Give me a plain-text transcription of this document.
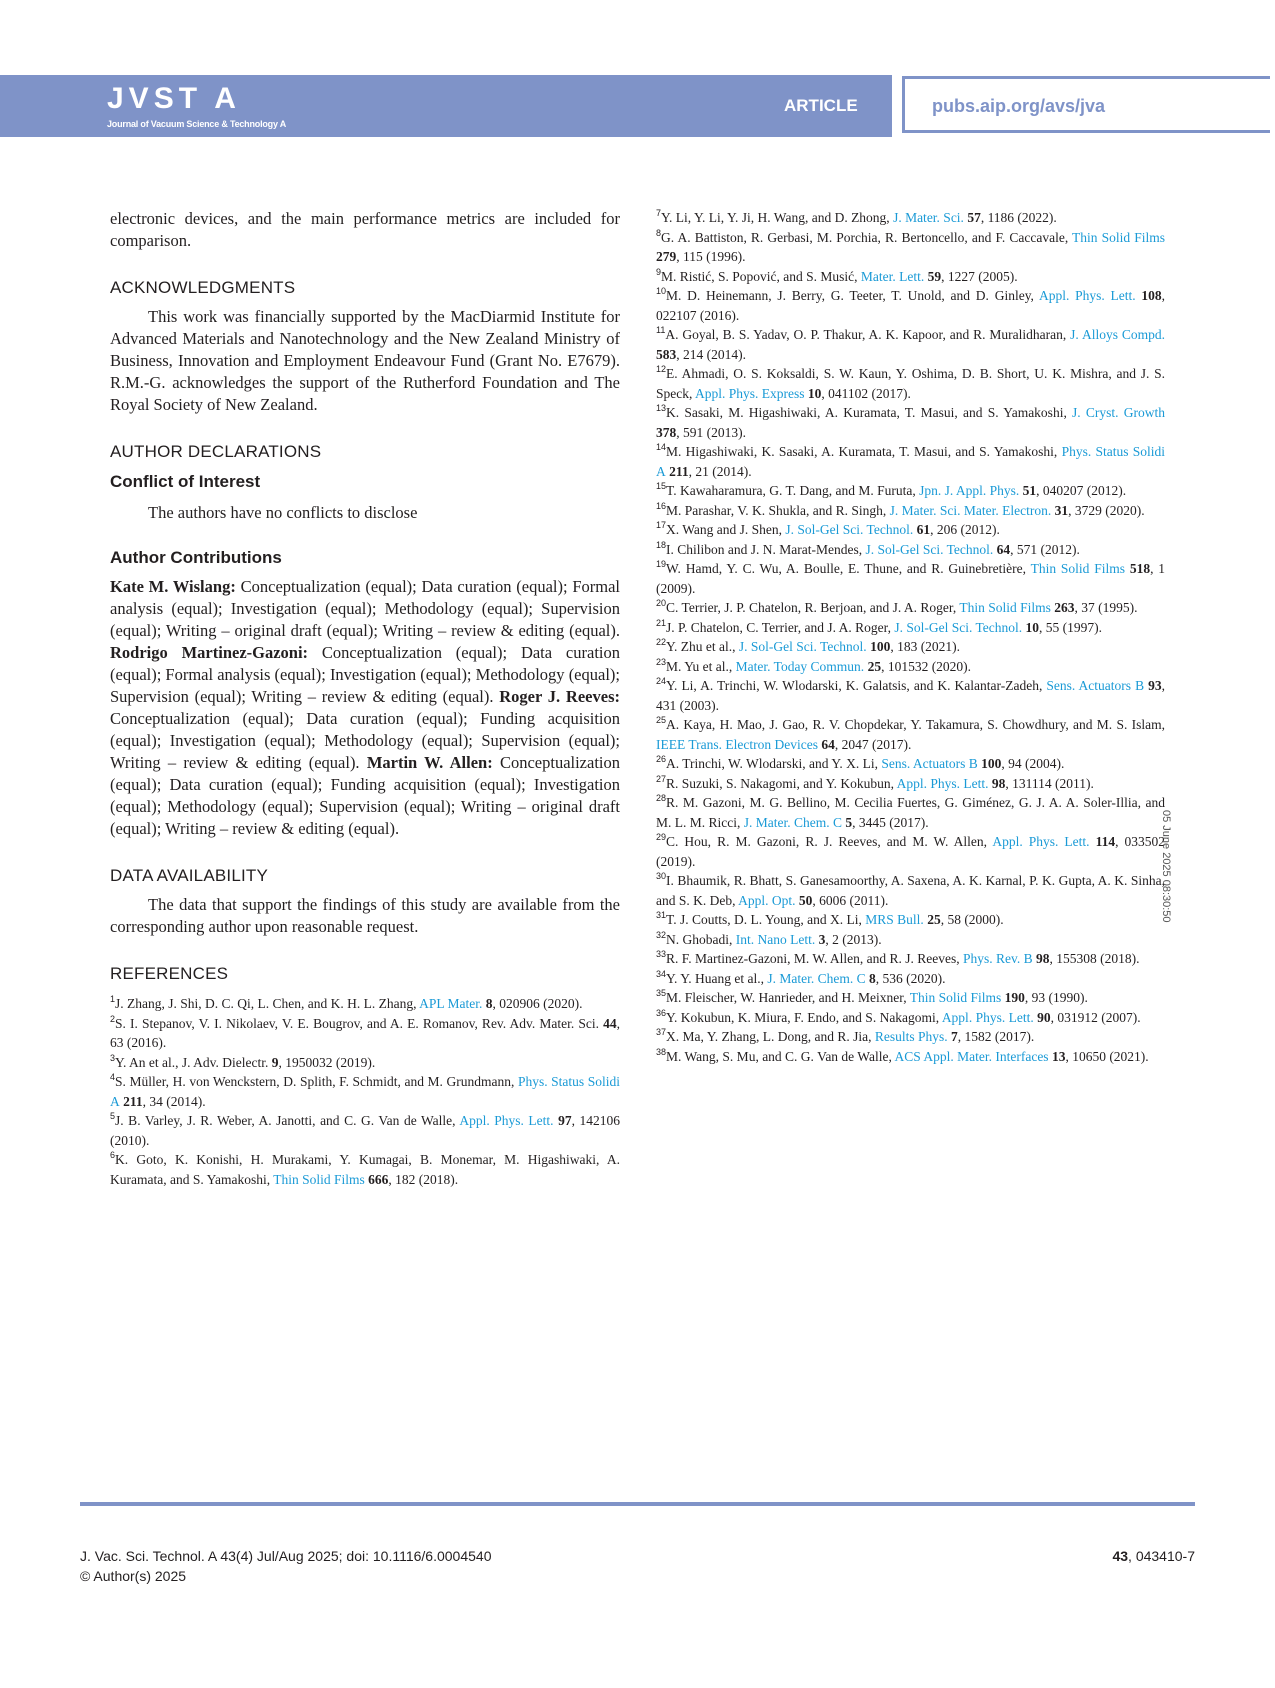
JVST A
Journal of Vacuum Science & Technology A
ARTICLE	pubs.aip.org/avs/jva

electronic devices, and the main performance metrics are included for comparison.

ACKNOWLEDGMENTS

This work was financially supported by the MacDiarmid Institute for Advanced Materials and Nanotechnology and the New Zealand Ministry of Business, Innovation and Employment Endeavour Fund (Grant No. E7679). R.M.-G. acknowledges the support of the Rutherford Foundation and The Royal Society of New Zealand.

AUTHOR DECLARATIONS
Conflict of Interest

The authors have no conflicts to disclose

Author Contributions

Kate M. Wislang: Conceptualization (equal); Data curation (equal); Formal analysis (equal); Investigation (equal); Methodology (equal); Supervision (equal); Writing – original draft (equal); Writing – review & editing (equal). Rodrigo Martinez-Gazoni: Conceptualization (equal); Data curation (equal); Formal analysis (equal); Investigation (equal); Methodology (equal); Supervision (equal); Writing – review & editing (equal). Roger J. Reeves: Conceptualization (equal); Data curation (equal); Funding acquisition (equal); Investigation (equal); Methodology (equal); Supervision (equal); Writing – review & editing (equal). Martin W. Allen: Conceptualization (equal); Data curation (equal); Funding acquisition (equal); Investigation (equal); Methodology (equal); Supervision (equal); Writing – original draft (equal); Writing – review & editing (equal).

DATA AVAILABILITY

The data that support the findings of this study are available from the corresponding author upon reasonable request.

REFERENCES

$^1$J. Zhang, J. Shi, D. C. Qi, L. Chen, and K. H. L. Zhang, APL Mater. 8, 020906 (2020).

$^2$S. I. Stepanov, V. I. Nikolaev, V. E. Bougrov, and A. E. Romanov, Rev. Adv. Mater. Sci. 44, 63 (2016).

$^3$Y. An et al., J. Adv. Dielectr. 9, 1950032 (2019).

$^4$S. Müller, H. von Wenckstern, D. Splith, F. Schmidt, and M. Grundmann, Phys. Status Solidi A 211, 34 (2014).

$^5$J. B. Varley, J. R. Weber, A. Janotti, and C. G. Van de Walle, Appl. Phys. Lett. 97, 142106 (2010).

$^6$K. Goto, K. Konishi, H. Murakami, Y. Kumagai, B. Monemar, M. Higashiwaki, A. Kuramata, and S. Yamakoshi, Thin Solid Films 666, 182 (2018).

$^7$Y. Li, Y. Li, Y. Ji, H. Wang, and D. Zhong, J. Mater. Sci. 57, 1186 (2022).

$^8$G. A. Battiston, R. Gerbasi, M. Porchia, R. Bertoncello, and F. Caccavale, Thin Solid Films 279, 115 (1996).

$^9$M. Ristić, S. Popović, and S. Musić, Mater. Lett. 59, 1227 (2005).

$^{10}$M. D. Heinemann, J. Berry, G. Teeter, T. Unold, and D. Ginley, Appl. Phys. Lett. 108, 022107 (2016).

$^{11}$A. Goyal, B. S. Yadav, O. P. Thakur, A. K. Kapoor, and R. Muralidharan, J. Alloys Compd. 583, 214 (2014).

$^{12}$E. Ahmadi, O. S. Koksaldi, S. W. Kaun, Y. Oshima, D. B. Short, U. K. Mishra, and J. S. Speck, Appl. Phys. Express 10, 041102 (2017).

$^{13}$K. Sasaki, M. Higashiwaki, A. Kuramata, T. Masui, and S. Yamakoshi, J. Cryst. Growth 378, 591 (2013).

$^{14}$M. Higashiwaki, K. Sasaki, A. Kuramata, T. Masui, and S. Yamakoshi, Phys. Status Solidi A 211, 21 (2014).

$^{15}$T. Kawaharamura, G. T. Dang, and M. Furuta, Jpn. J. Appl. Phys. 51, 040207 (2012).

$^{16}$M. Parashar, V. K. Shukla, and R. Singh, J. Mater. Sci. Mater. Electron. 31, 3729 (2020).

$^{17}$X. Wang and J. Shen, J. Sol-Gel Sci. Technol. 61, 206 (2012).

$^{18}$I. Chilibon and J. N. Marat-Mendes, J. Sol-Gel Sci. Technol. 64, 571 (2012).

$^{19}$W. Hamd, Y. C. Wu, A. Boulle, E. Thune, and R. Guinebretière, Thin Solid Films 518, 1 (2009).

$^{20}$C. Terrier, J. P. Chatelon, R. Berjoan, and J. A. Roger, Thin Solid Films 263, 37 (1995).

$^{21}$J. P. Chatelon, C. Terrier, and J. A. Roger, J. Sol-Gel Sci. Technol. 10, 55 (1997).

$^{22}$Y. Zhu et al., J. Sol-Gel Sci. Technol. 100, 183 (2021).

$^{23}$M. Yu et al., Mater. Today Commun. 25, 101532 (2020).

$^{24}$Y. Li, A. Trinchi, W. Wlodarski, K. Galatsis, and K. Kalantar-Zadeh, Sens. Actuators B 93, 431 (2003).

$^{25}$A. Kaya, H. Mao, J. Gao, R. V. Chopdekar, Y. Takamura, S. Chowdhury, and M. S. Islam, IEEE Trans. Electron Devices 64, 2047 (2017).

$^{26}$A. Trinchi, W. Wlodarski, and Y. X. Li, Sens. Actuators B 100, 94 (2004).

$^{27}$R. Suzuki, S. Nakagomi, and Y. Kokubun, Appl. Phys. Lett. 98, 131114 (2011).

$^{28}$R. M. Gazoni, M. G. Bellino, M. Cecilia Fuertes, G. Giménez, G. J. A. A. Soler-Illia, and M. L. M. Ricci, J. Mater. Chem. C 5, 3445 (2017).

$^{29}$C. Hou, R. M. Gazoni, R. J. Reeves, and M. W. Allen, Appl. Phys. Lett. 114, 033502 (2019).

$^{30}$I. Bhaumik, R. Bhatt, S. Ganesamoorthy, A. Saxena, A. K. Karnal, P. K. Gupta, A. K. Sinha, and S. K. Deb, Appl. Opt. 50, 6006 (2011).

$^{31}$T. J. Coutts, D. L. Young, and X. Li, MRS Bull. 25, 58 (2000).

$^{32}$N. Ghobadi, Int. Nano Lett. 3, 2 (2013).

$^{33}$R. F. Martinez-Gazoni, M. W. Allen, and R. J. Reeves, Phys. Rev. B 98, 155308 (2018).

$^{34}$Y. Y. Huang et al., J. Mater. Chem. C 8, 536 (2020).

$^{35}$M. Fleischer, W. Hanrieder, and H. Meixner, Thin Solid Films 190, 93 (1990).

$^{36}$Y. Kokubun, K. Miura, F. Endo, and S. Nakagomi, Appl. Phys. Lett. 90, 031912 (2007).

$^{37}$X. Ma, Y. Zhang, L. Dong, and R. Jia, Results Phys. 7, 1582 (2017).

$^{38}$M. Wang, S. Mu, and C. G. Van de Walle, ACS Appl. Mater. Interfaces 13, 10650 (2021).

05 June 2025 08:30:50
J. Vac. Sci. Technol. A 43(4) Jul/Aug 2025; doi: 10.1116/6.0004540
© Author(s) 2025
43, 043410-7
